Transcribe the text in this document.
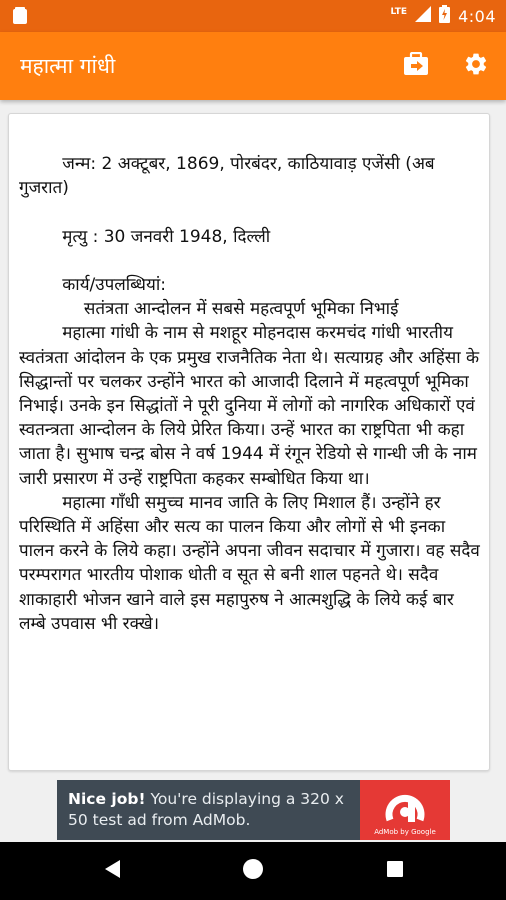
LTE	4:04
महात्मा गांधी

जन्म: 2 अक्टूबर, 1869, पोरबंदर, काठियावाड़ एजेंसी (अब गुजरात)

मृत्यु : 30 जनवरी 1948, दिल्ली

कार्य/उपलब्धियां:
सतंत्रता आन्दोलन में सबसे महत्वपूर्ण भूमिका निभाई
महात्मा गांधी के नाम से मशहूर मोहनदास करमचंद गांधी भारतीय स्वतंत्रता आंदोलन के एक प्रमुख राजनैतिक नेता थे। सत्याग्रह और अहिंसा के सिद्धान्तों पर चलकर उन्होंने भारत को आजादी दिलाने में महत्वपूर्ण भूमिका निभाई। उनके इन सिद्धांतों ने पूरी दुनिया में लोगों को नागरिक अधिकारों एवं स्वतन्त्रता आन्दोलन के लिये प्रेरित किया। उन्हें भारत का राष्ट्रपिता भी कहा जाता है। सुभाष चन्द्र बोस ने वर्ष 1944 में रंगून रेडियो से गान्धी जी के नाम जारी प्रसारण में उन्हें राष्ट्रपिता कहकर सम्बोधित किया था।
महात्मा गाँधी समुच्च मानव जाति के लिए मिशाल हैं। उन्होंने हर परिस्थिति में अहिंसा और सत्य का पालन किया और लोगों से भी इनका पालन करने के लिये कहा। उन्होंने अपना जीवन सदाचार में गुजारा। वह सदैव परम्परागत भारतीय पोशाक धोती व सूत से बनी शाल पहनते थे। सदैव शाकाहारी भोजन खाने वाले इस महापुरुष ने आत्मशुद्धि के लिये कई बार लम्बे उपवास भी रक्खे।

Nice job! You're displaying a 320 x 50 test ad from AdMob.
AdMob by Google
